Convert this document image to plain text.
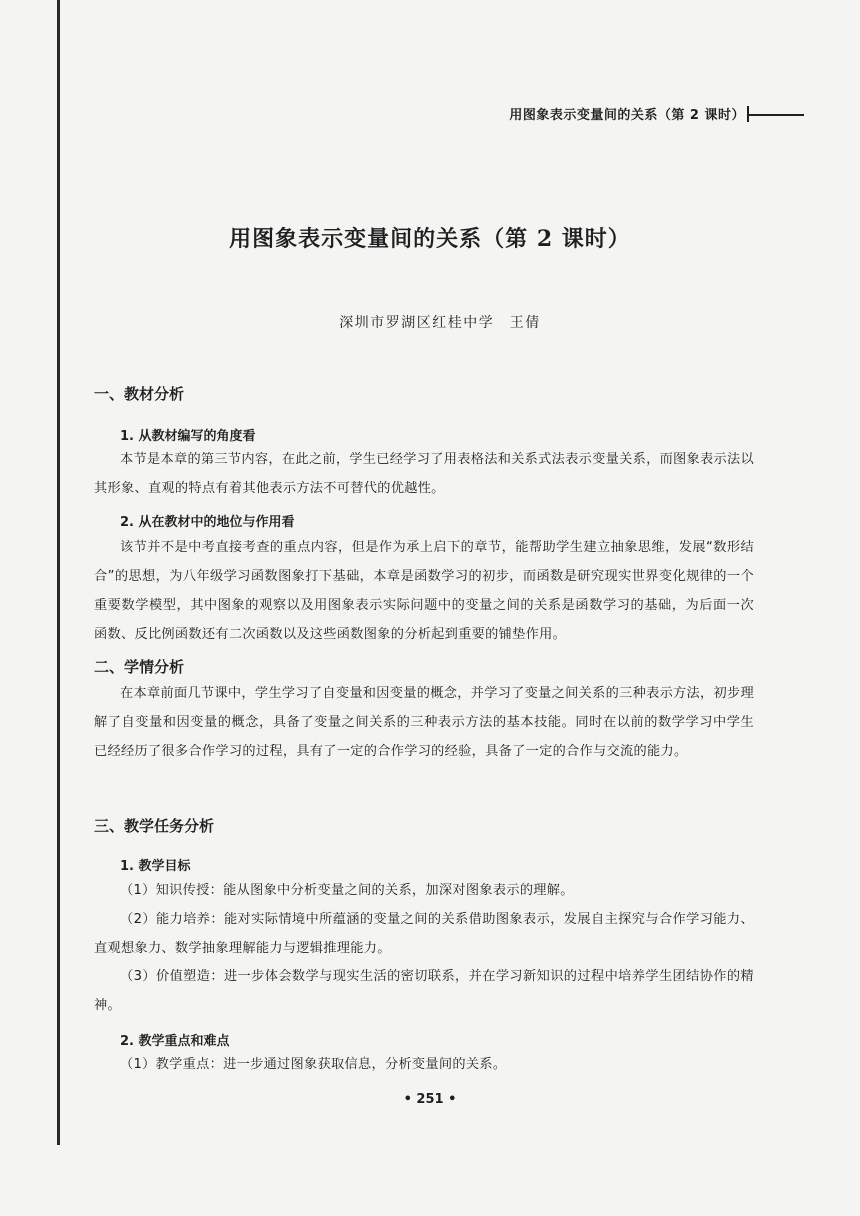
用图象表示变量间的关系（第 2 课时）
用图象表示变量间的关系（第 2 课时）
深圳市罗湖区红桂中学　王倩
一、教材分析
1. 从教材编写的角度看
本节是本章的第三节内容，在此之前，学生已经学习了用表格法和关系式法表示变量关系，而图象表示法以其形象、直观的特点有着其他表示方法不可替代的优越性。
2. 从在教材中的地位与作用看
该节并不是中考直接考查的重点内容，但是作为承上启下的章节，能帮助学生建立抽象思维，发展“数形结合”的思想，为八年级学习函数图象打下基础，本章是函数学习的初步，而函数是研究现实世界变化规律的一个重要数学模型，其中图象的观察以及用图象表示实际问题中的变量之间的关系是函数学习的基础，为后面一次函数、反比例函数还有二次函数以及这些函数图象的分析起到重要的铺垫作用。
二、学情分析
在本章前面几节课中，学生学习了自变量和因变量的概念，并学习了变量之间关系的三种表示方法，初步理解了自变量和因变量的概念，具备了变量之间关系的三种表示方法的基本技能。同时在以前的数学学习中学生已经经历了很多合作学习的过程，具有了一定的合作学习的经验，具备了一定的合作与交流的能力。
三、教学任务分析
1. 教学目标
（1）知识传授：能从图象中分析变量之间的关系，加深对图象表示的理解。
（2）能力培养：能对实际情境中所蕴涵的变量之间的关系借助图象表示，发展自主探究与合作学习能力、直观想象力、数学抽象理解能力与逻辑推理能力。
（3）价值塑造：进一步体会数学与现实生活的密切联系，并在学习新知识的过程中培养学生团结协作的精神。
2. 教学重点和难点
（1）教学重点：进一步通过图象获取信息，分析变量间的关系。
• 251 •
